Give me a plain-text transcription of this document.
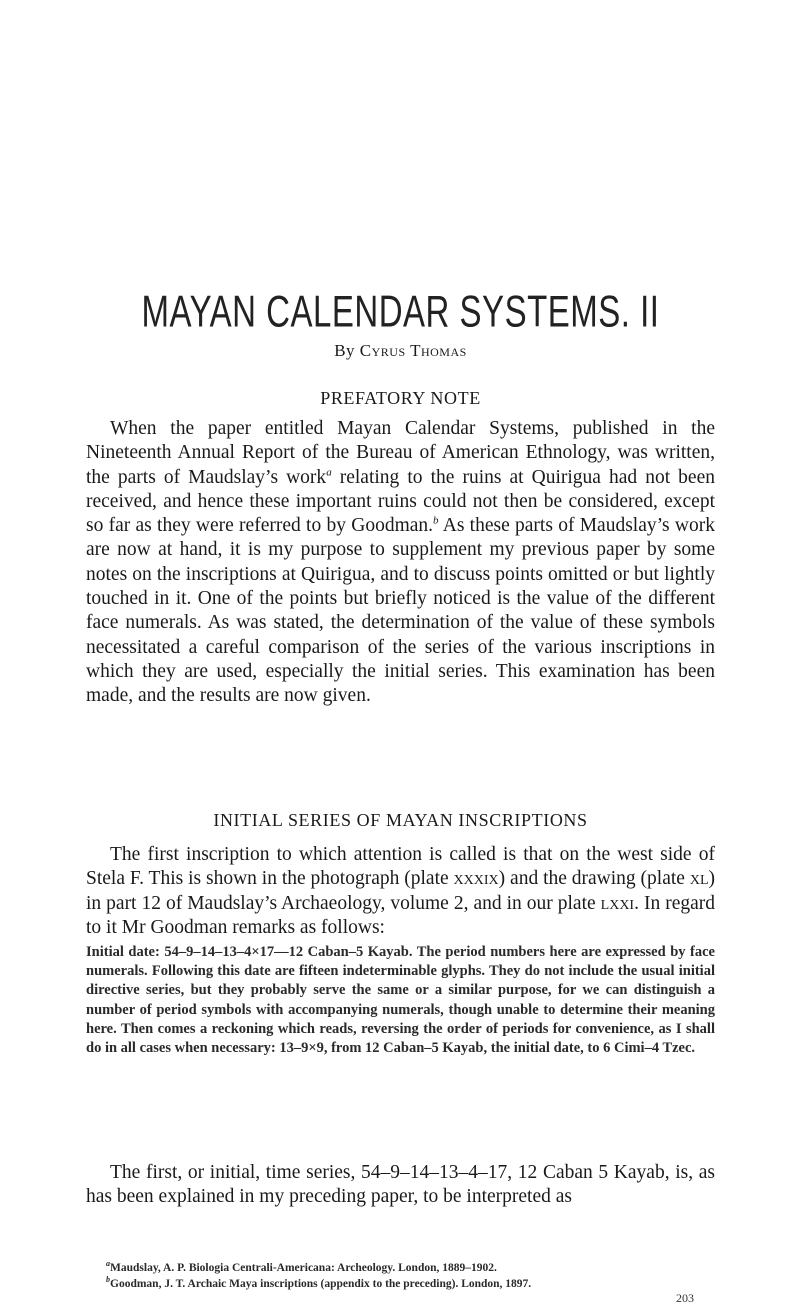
MAYAN CALENDAR SYSTEMS. II
By Cyrus Thomas
PREFATORY NOTE

When the paper entitled Mayan Calendar Systems, published in the Nineteenth Annual Report of the Bureau of American Ethnology, was written, the parts of Maudslay’s work$^a$ relating to the ruins at Quirigua had not been received, and hence these important ruins could not then be considered, except so far as they were referred to by Goodman.$^b$ As these parts of Maudslay’s work are now at hand, it is my purpose to supplement my previous paper by some notes on the inscriptions at Quirigua, and to discuss points omitted or but lightly touched in it. One of the points but briefly noticed is the value of the different face numerals. As was stated, the determination of the value of these symbols necessitated a careful comparison of the series of the various inscriptions in which they are used, especially the initial series. This examination has been made, and the results are now given.

INITIAL SERIES OF MAYAN INSCRIPTIONS

The first inscription to which attention is called is that on the west side of Stela F. This is shown in the photograph (plate xxxix) and the drawing (plate xl) in part 12 of Maudslay’s Archaeology, volume 2, and in our plate lxxi. In regard to it Mr Goodman remarks as follows:

Initial date: 54–9–14–13–4×17—12 Caban–5 Kayab. The period numbers here are expressed by face numerals. Following this date are fifteen indeterminable glyphs. They do not include the usual initial directive series, but they probably serve the same or a similar purpose, for we can distinguish a number of period symbols with accompanying numerals, though unable to determine their meaning here. Then comes a reckoning which reads, reversing the order of periods for convenience, as I shall do in all cases when necessary: 13–9×9, from 12 Caban–5 Kayab, the initial date, to 6 Cimi–4 Tzec.

The first, or initial, time series, 54–9–14–13–4–17, 12 Caban 5 Kayab, is, as has been explained in my preceding paper, to be interpreted as

$^a$Maudslay, A. P. Biologia Centrali-Americana: Archeology. London, 1889–1902.
$^b$Goodman, J. T. Archaic Maya inscriptions (appendix to the preceding). London, 1897.
203
